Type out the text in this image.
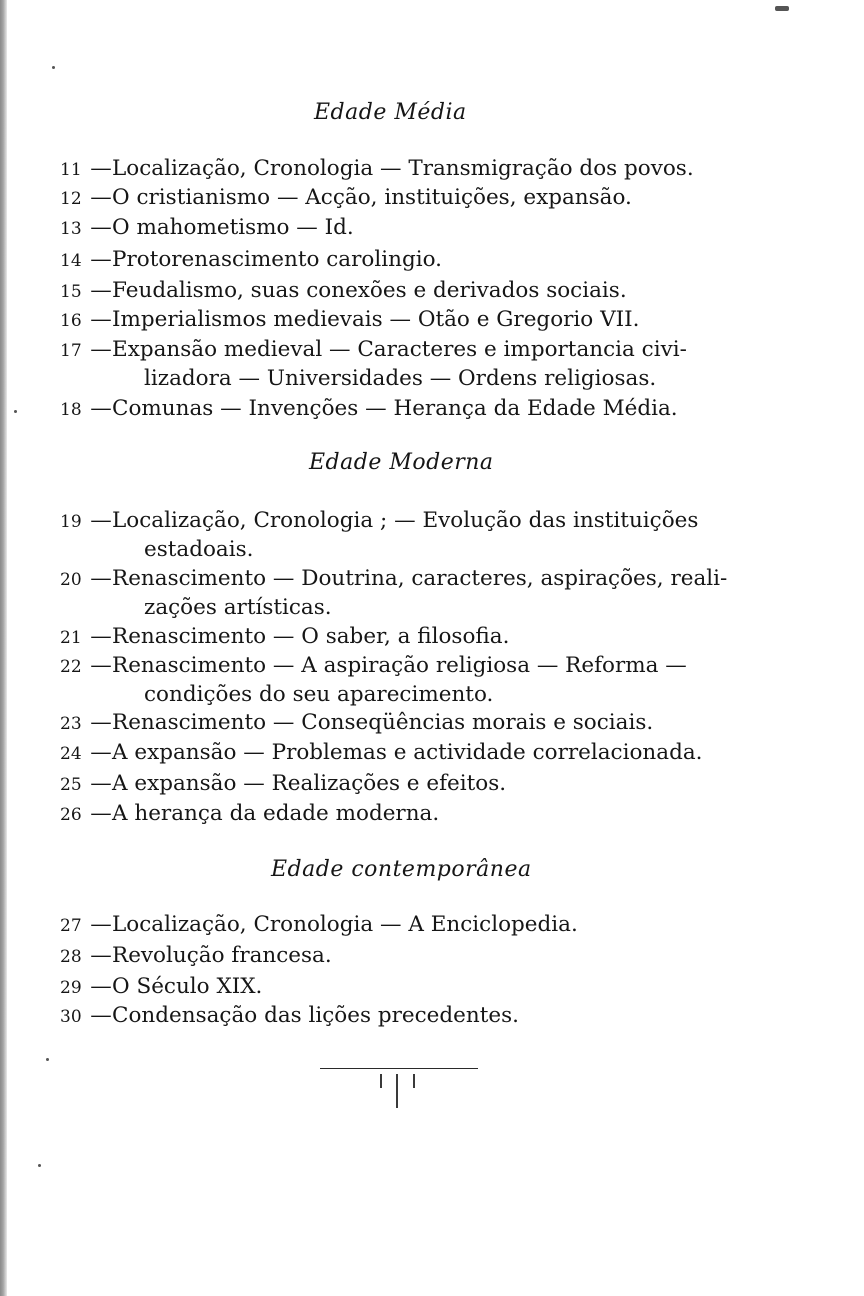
Edade Média
11 —Localização, Cronologia — Transmigração dos povos.
12 —O cristianismo — Acção, instituições, expansão.
13 —O mahometismo — Id.
14 —Protorenascimento carolingio.
15 —Feudalismo, suas conexões e derivados sociais.
16 —Imperialismos medievais — Otão e Gregorio VII.
17 —Expansão medieval — Caracteres e importancia civi-
lizadora — Universidades — Ordens religiosas.
18 —Comunas — Invenções — Herança da Edade Média.
Edade Moderna
19 —Localização, Cronologia ; — Evolução das instituições
estadoais.
20 —Renascimento — Doutrina, caracteres, aspirações, reali-
zações artísticas.
21 —Renascimento — O saber, a filosofia.
22 —Renascimento — A aspiração religiosa — Reforma —
condições do seu aparecimento.
23 —Renascimento — Conseqüências morais e sociais.
24 —A expansão — Problemas e actividade correlacionada.
25 —A expansão — Realizações e efeitos.
26 —A herança da edade moderna.
Edade contemporânea
27 —Localização, Cronologia — A Enciclopedia.
28 —Revolução francesa.
29 —O Século XIX.
30 —Condensação das lições precedentes.
